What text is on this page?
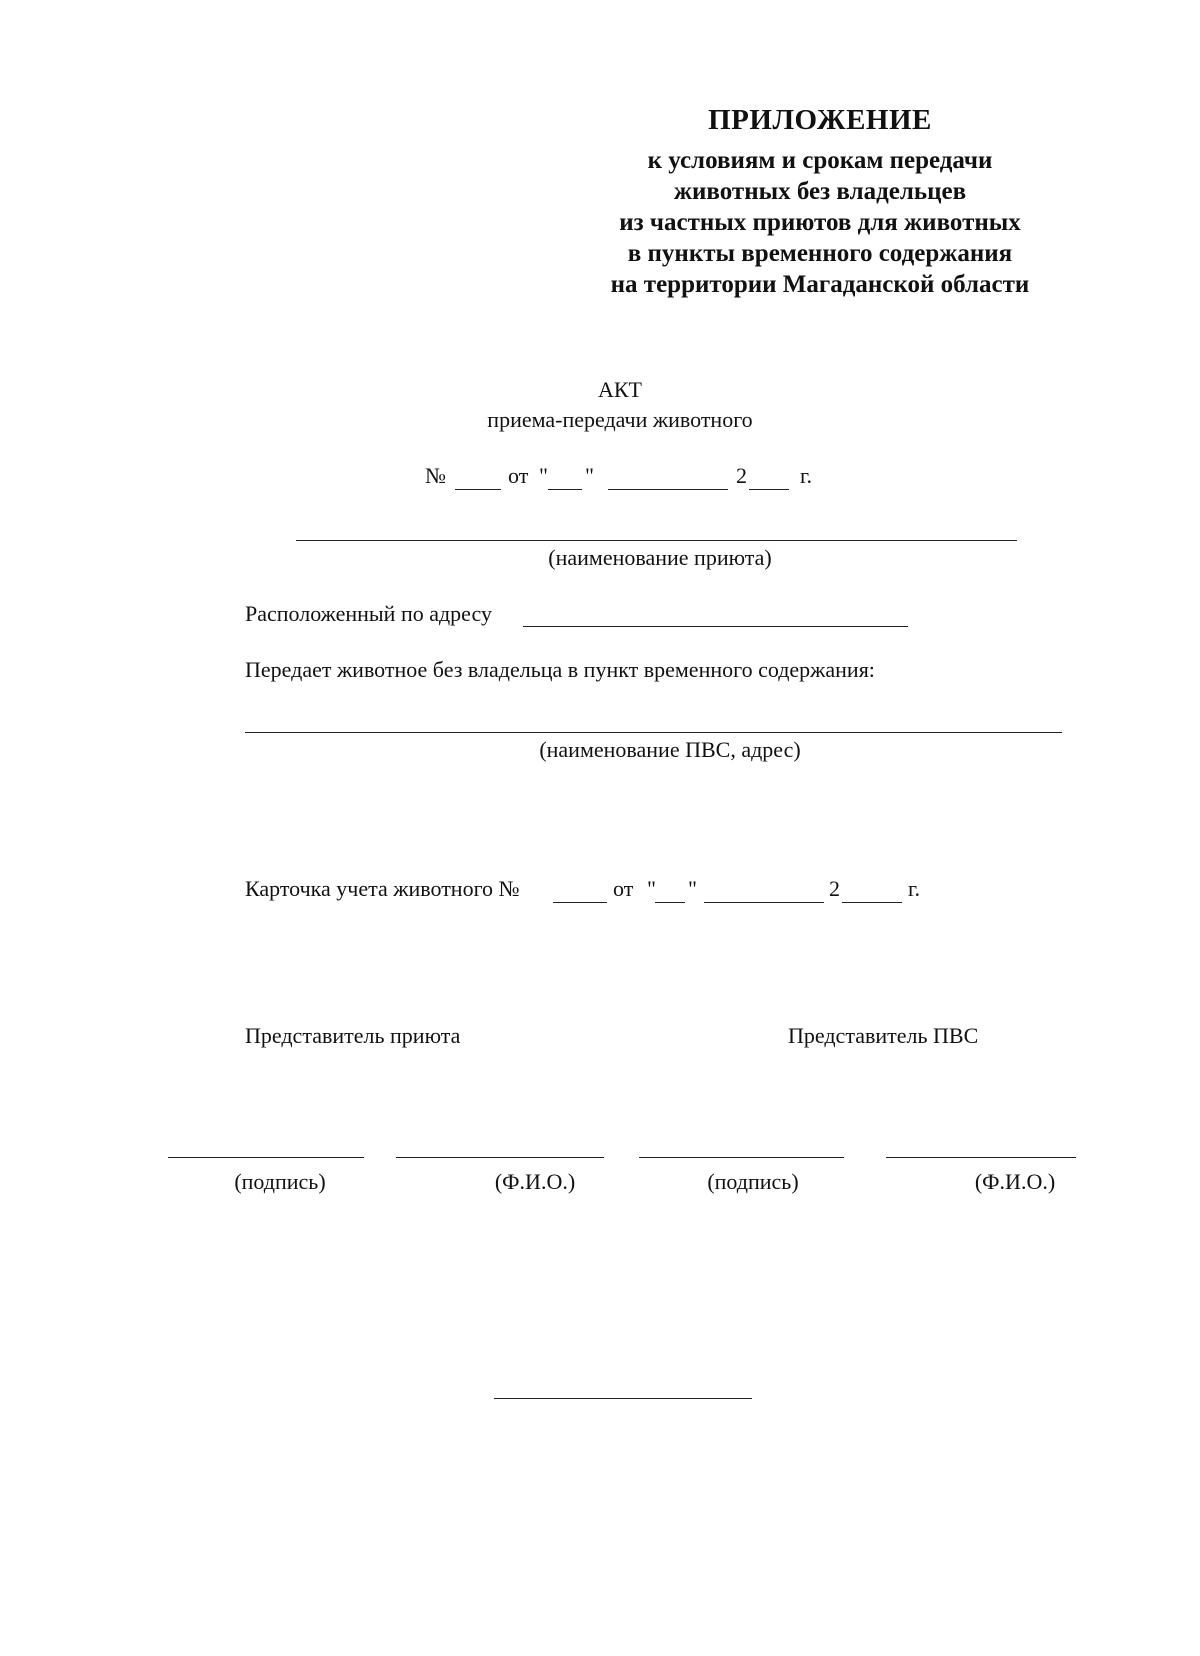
ПРИЛОЖЕНИЕ
к условиям и срокам передачи
животных без владельцев
из частных приютов для животных
в пункты временного содержания
на территории Магаданской области
АКТ
приема-передачи животного
№	от " "	2 г.
(наименование приюта)
Расположенный по адресу
Передает животное без владельца в пункт временного содержания:
(наименование ПВС, адрес)
Карточка учета животного №	от " "	2	г.
Представитель приюта	Представитель ПВС
(подпись)	(Ф.И.О.)	(подпись)	(Ф.И.О.)
